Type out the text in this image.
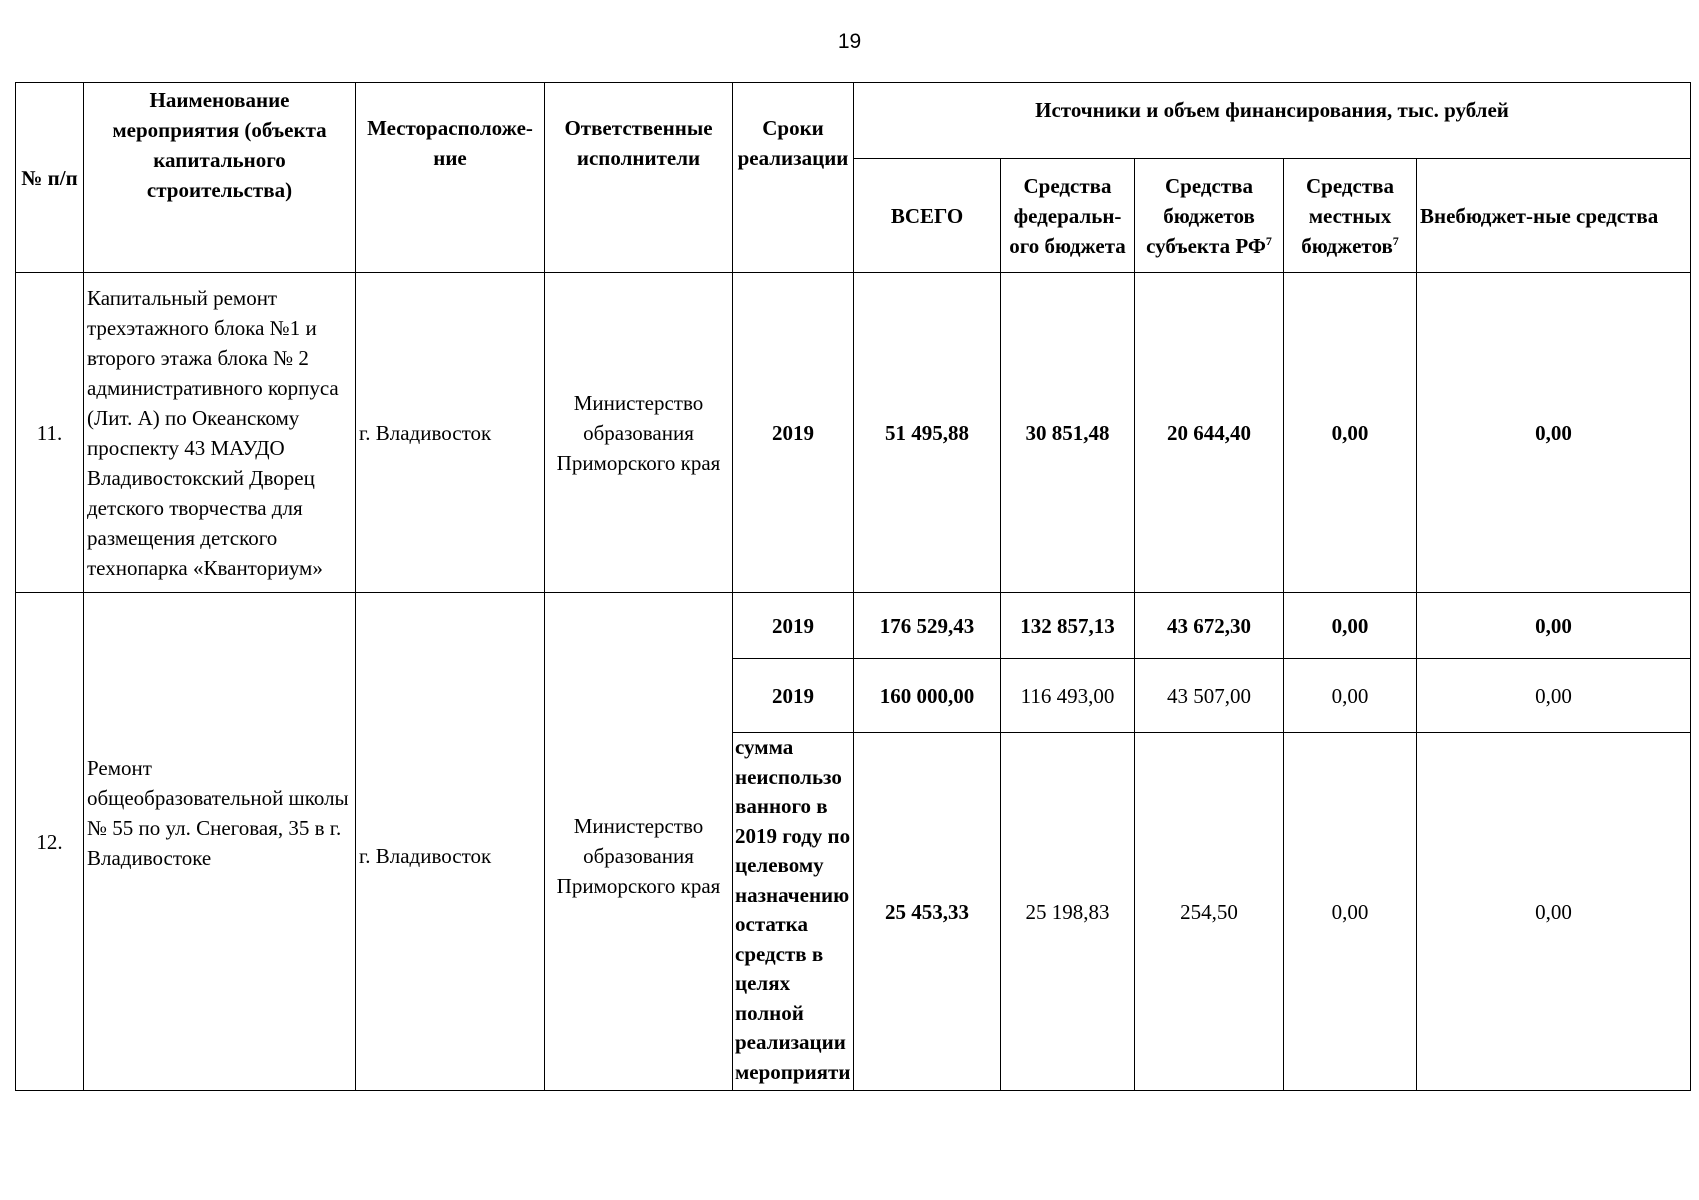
19
№ п/п	Наименование мероприятия (объекта капитального строительства)	Месторасположе-ние	Ответственные исполнители	Сроки реализации	Источники и объем финансирования, тыс. рублей				
					ВСЕГО	Средства федеральн-ого бюджета	Средства бюджетов субъекта $РФ^7$	Средства местных бюджетов$^7$	Внебюджет-ные средства
11.	Капитальный ремонт трехэтажного блока №1 и второго этажа блока № 2 административного корпуса (Лит. А) по Океанскому проспекту 43 МАУДО Владивостокский Дворец детского творчества для размещения детского технопарка «Кванториум»	г. Владивосток	Министерство образования Приморского края	2019	51 495,88	30 851,48	20 644,40	0,00	0,00
12.	Ремонт общеобразовательной школы № 55 по ул. Снеговая, 35 в г. Владивостоке	г. Владивосток	Министерство образования Приморского края	2019	176 529,43	132 857,13	43 672,30	0,00	0,00
				2019	160 000,00	116 493,00	43 507,00	0,00	0,00
				сумма неиспользо ванного в 2019 году по целевому назначению остатка средств в целях полной реализации мероприяти	25 453,33	25 198,83	254,50	0,00	0,00
